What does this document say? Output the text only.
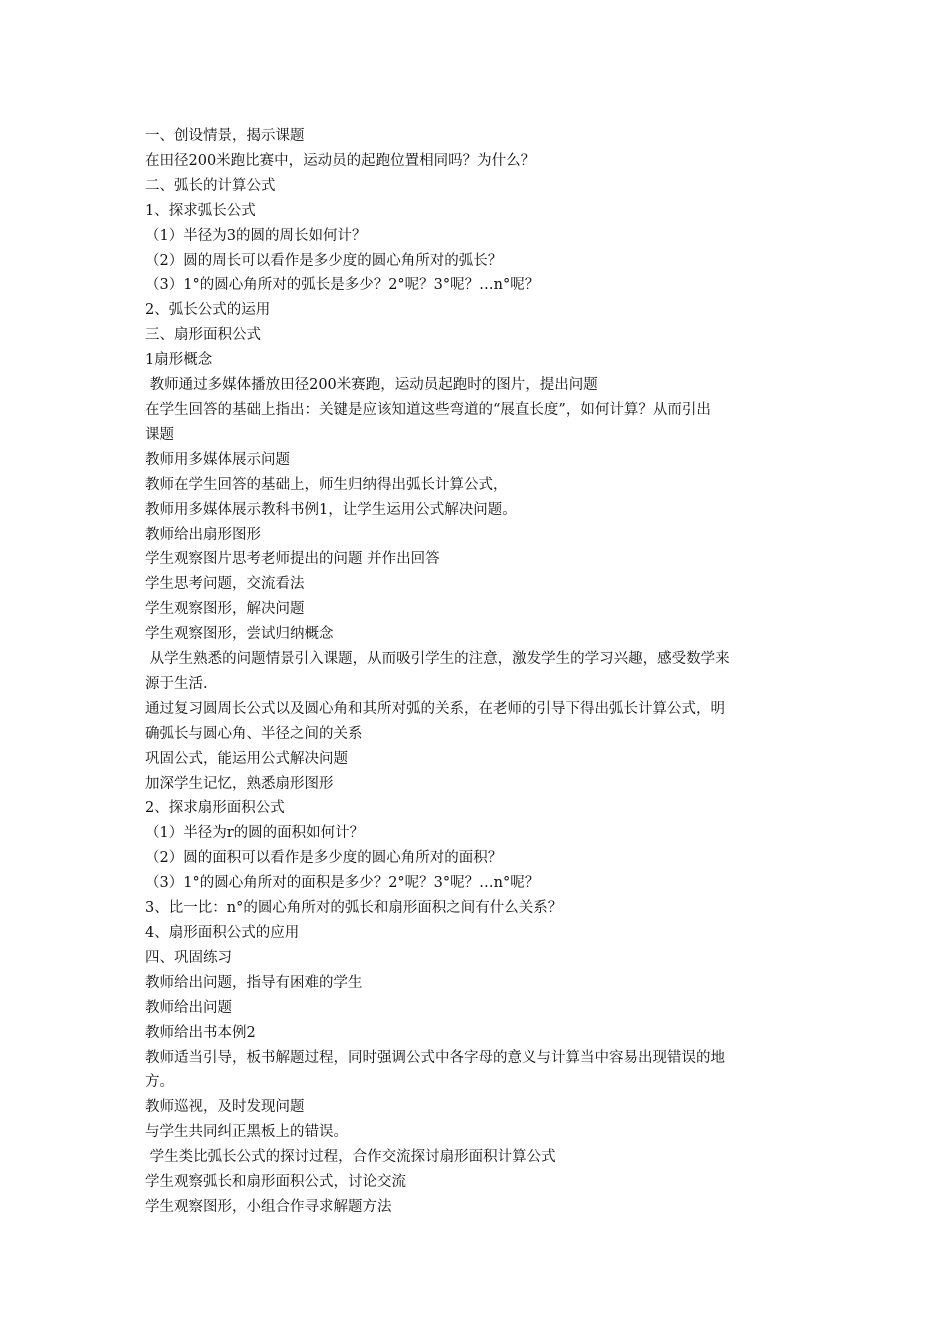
一、创设情景，揭示课题

在田径200米跑比赛中，运动员的起跑位置相同吗？为什么？

二、弧长的计算公式

1、探求弧长公式

（1）半径为3的圆的周长如何计？

（2）圆的周长可以看作是多少度的圆心角所对的弧长？

（3）1°的圆心角所对的弧长是多少？2°呢？3°呢？…n°呢？

2、弧长公式的运用

三、扇形面积公式

1扇形概念

教师通过多媒体播放田径200米赛跑，运动员起跑时的图片，提出问题

在学生回答的基础上指出：关键是应该知道这些弯道的“展直长度”，如何计算？从而引出

课题

教师用多媒体展示问题

教师在学生回答的基础上，师生归纳得出弧长计算公式，

教师用多媒体展示教科书例1，让学生运用公式解决问题。

教师给出扇形图形

学生观察图片思考老师提出的问题 并作出回答

学生思考问题，交流看法

学生观察图形，解决问题

学生观察图形，尝试归纳概念

从学生熟悉的问题情景引入课题，从而吸引学生的注意，激发学生的学习兴趣，感受数学来

源于生活.

通过复习圆周长公式以及圆心角和其所对弧的关系，在老师的引导下得出弧长计算公式，明

确弧长与圆心角、半径之间的关系

巩固公式，能运用公式解决问题

加深学生记忆，熟悉扇形图形

2、探求扇形面积公式

（1）半径为r的圆的面积如何计？

（2）圆的面积可以看作是多少度的圆心角所对的面积？

（3）1°的圆心角所对的面积是多少？2°呢？3°呢？…n°呢？

3、比一比：n°的圆心角所对的弧长和扇形面积之间有什么关系？

4、扇形面积公式的应用

四、巩固练习

教师给出问题，指导有困难的学生

教师给出问题

教师给出书本例2

教师适当引导，板书解题过程，同时强调公式中各字母的意义与计算当中容易出现错误的地

方。

教师巡视，及时发现问题

与学生共同纠正黑板上的错误。

学生类比弧长公式的探讨过程，合作交流探讨扇形面积计算公式

学生观察弧长和扇形面积公式，讨论交流

学生观察图形，小组合作寻求解题方法
